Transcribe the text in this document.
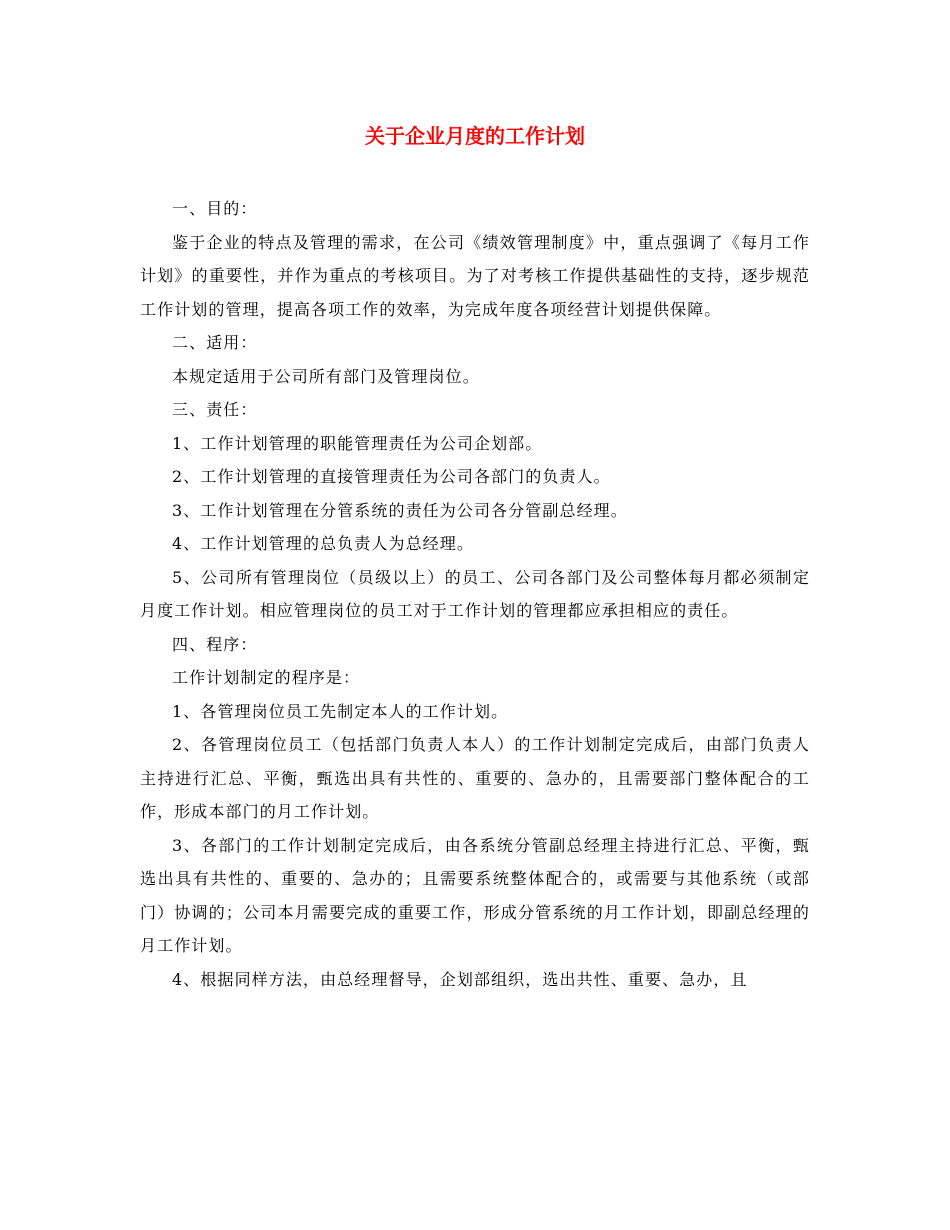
关于企业月度的工作计划

一、目的：

鉴于企业的特点及管理的需求，在公司《绩效管理制度》中，重点强调了《每月工作计划》的重要性，并作为重点的考核项目。为了对考核工作提供基础性的支持，逐步规范工作计划的管理，提高各项工作的效率，为完成年度各项经营计划提供保障。

二、适用：

本规定适用于公司所有部门及管理岗位。

三、责任：

1、工作计划管理的职能管理责任为公司企划部。

2、工作计划管理的直接管理责任为公司各部门的负责人。

3、工作计划管理在分管系统的责任为公司各分管副总经理。

4、工作计划管理的总负责人为总经理。

5、公司所有管理岗位（员级以上）的员工、公司各部门及公司整体每月都必须制定月度工作计划。相应管理岗位的员工对于工作计划的管理都应承担相应的责任。

四、程序：

工作计划制定的程序是：

1、各管理岗位员工先制定本人的工作计划。

2、各管理岗位员工（包括部门负责人本人）的工作计划制定完成后，由部门负责人主持进行汇总、平衡，甄选出具有共性的、重要的、急办的，且需要部门整体配合的工作，形成本部门的月工作计划。

3、各部门的工作计划制定完成后，由各系统分管副总经理主持进行汇总、平衡，甄选出具有共性的、重要的、急办的；且需要系统整体配合的，或需要与其他系统（或部门）协调的；公司本月需要完成的重要工作，形成分管系统的月工作计划，即副总经理的月工作计划。

4、根据同样方法，由总经理督导，企划部组织，选出共性、重要、急办，且
